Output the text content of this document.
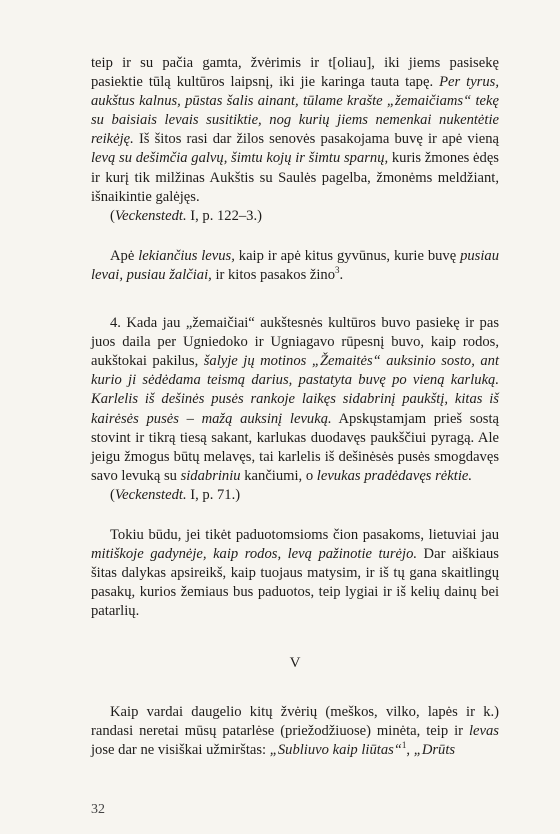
teip ir su pačia gamta, žvėrimis ir t[oliau], iki jiems pasisekę pasiektie tūlą kultūros laipsnį, iki jie karinga tauta tapę. Per tyrus, aukštus kalnus, pūstas šalis ainant, tūlame krašte „žemaičiams“ tekę su baisiais levais susitiktie, nog kurių jiems nemenkai nukentėtie reikėję. Iš šitos rasi dar žilos senovės pasakojama buvę ir apė vieną levą su dešimčia galvų, šimtu kojų ir šimtu sparnų, kuris žmones ėdęs ir kurį tik milžinas Aukštis su Saulės pagelba, žmonėms meldžiant, išnaikintie galėjęs.

(Veckenstedt. I, p. 122–3.)

Apė lekiančius levus, kaip ir apė kitus gyvūnus, kurie buvę pusiau levai, pusiau žalčiai, ir kitos pasakos žino$^3$.

4. Kada jau „žemaičiai“ aukštesnės kultūros buvo pasiekę ir pas juos daila per Ugniedoko ir Ugniagavo rūpesnį buvo, kaip rodos, aukštokai pakilus, šalyje jų motinos „Žemaitės“ auksinio sosto, ant kurio ji sėdėdama teismą darius, pastatyta buvę po vieną karluką. Karlelis iš dešinės pusės rankoje laikęs sidabrinį paukštį, kitas iš kairėsės pusės – mažą auksinį levuką. Apskųstamjam prieš sostą stovint ir tikrą tiesą sakant, karlukas duodavęs paukščiui pyragą. Ale jeigu žmogus būtų melavęs, tai karlelis iš dešinėsės pusės smogdavęs savo levuką su sidabriniu kančiumi, o levukas pradėdavęs rėktie.

(Veckenstedt. I, p. 71.)

Tokiu būdu, jei tikėt paduotomsioms čion pasakoms, lietuviai jau mitiškoje gadynėje, kaip rodos, levą pažinotie turėjo. Dar aiškiaus šitas dalykas apsireikš, kaip tuojaus matysim, ir iš tų gana skaitlingų pasakų, kurios žemiaus bus paduotos, teip lygiai ir iš kelių dainų bei patarlių.

V

Kaip vardai daugelio kitų žvėrių (meškos, vilko, lapės ir k.) randasi neretai mūsų patarlėse (priežodžiuose) minėta, teip ir levas jose dar ne visiškai užmirštas: „Subliuvo kaip liūtas“$^1$, „Drūts

32
